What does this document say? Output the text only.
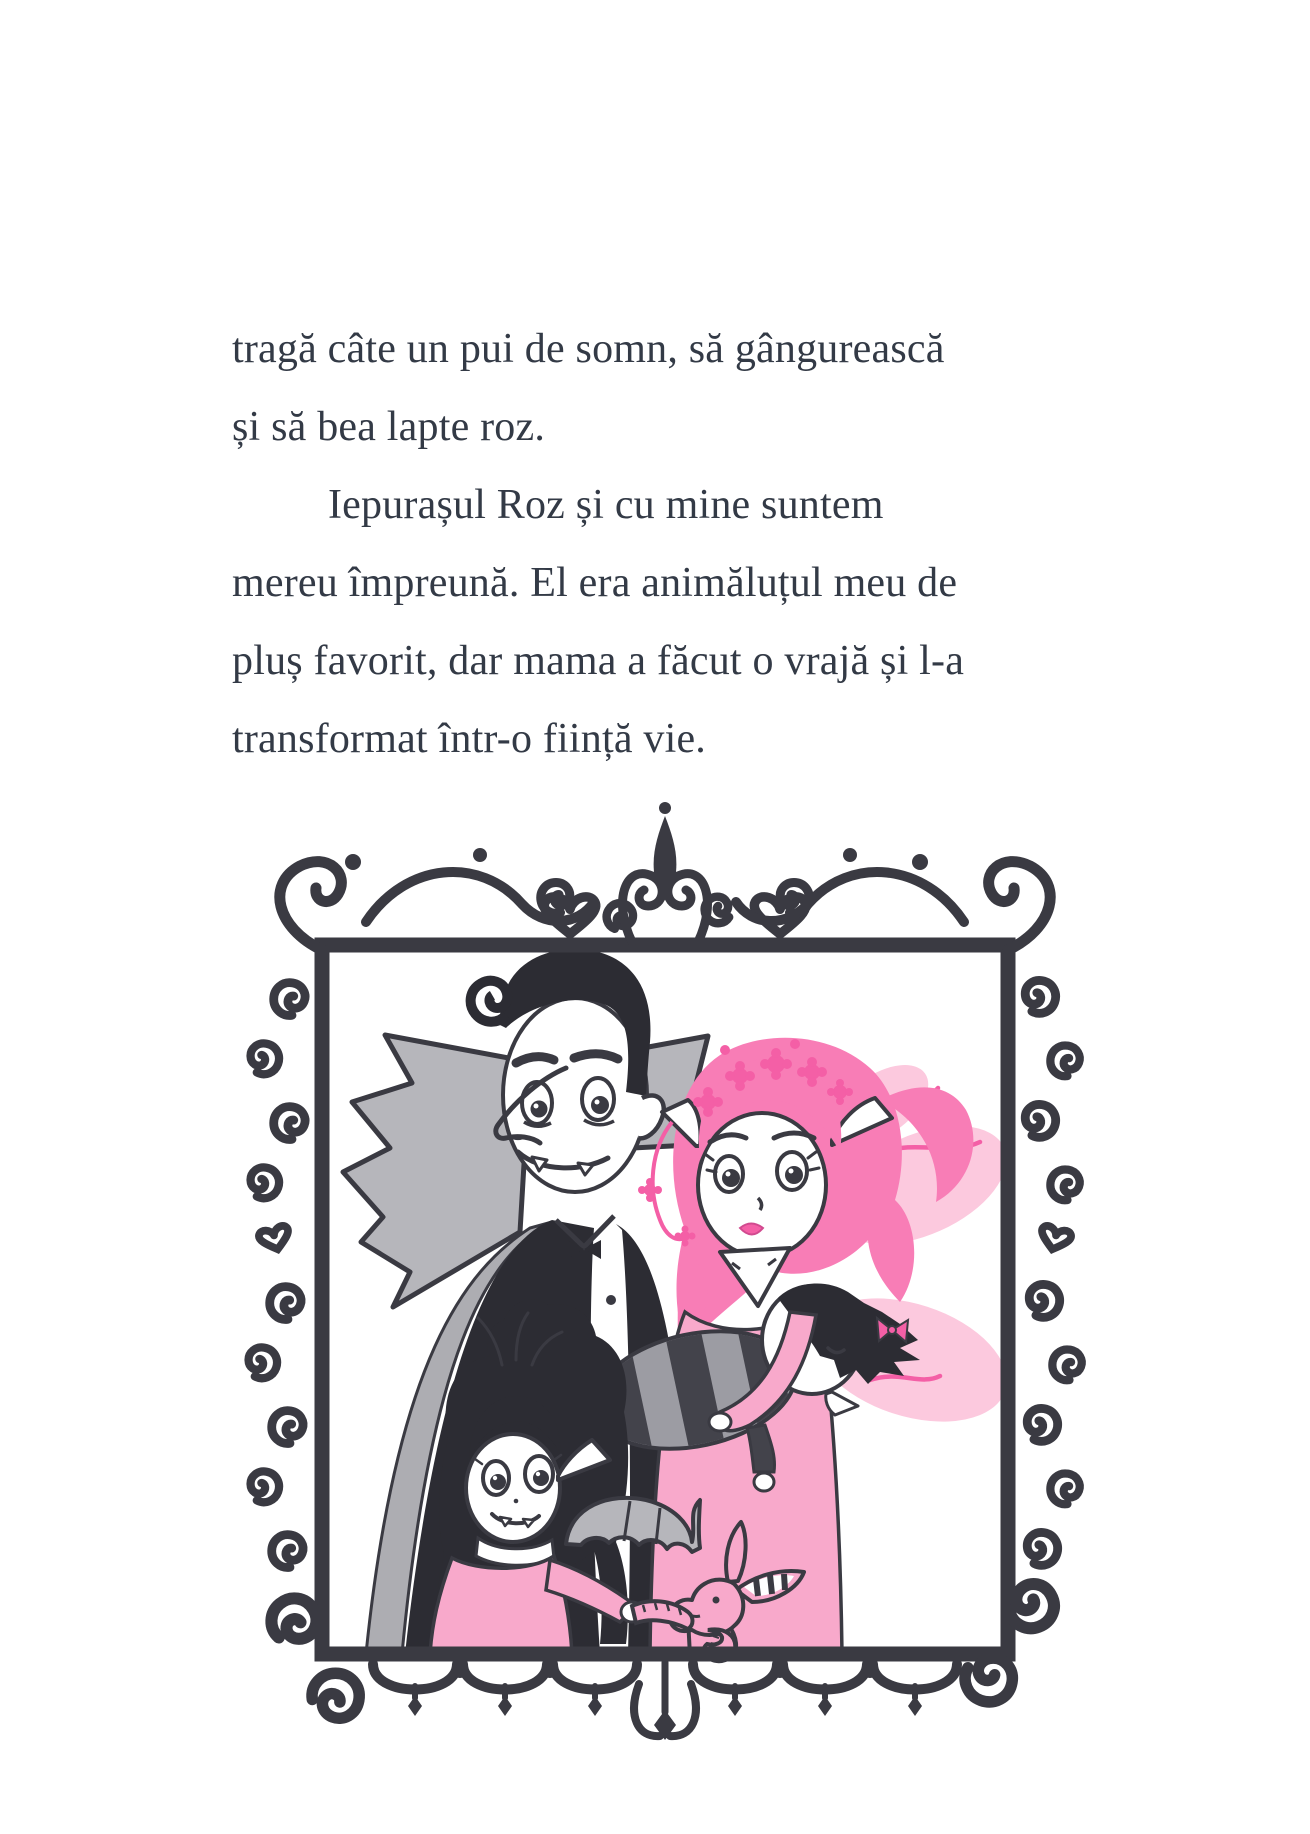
tragă câte un pui de somn, să gângurească
și să bea lapte roz.
Iepurașul Roz și cu mine suntem
mereu împreună. El era animăluțul meu de
pluș favorit, dar mama a făcut o vrajă și l-a
transformat într-o ființă vie.
